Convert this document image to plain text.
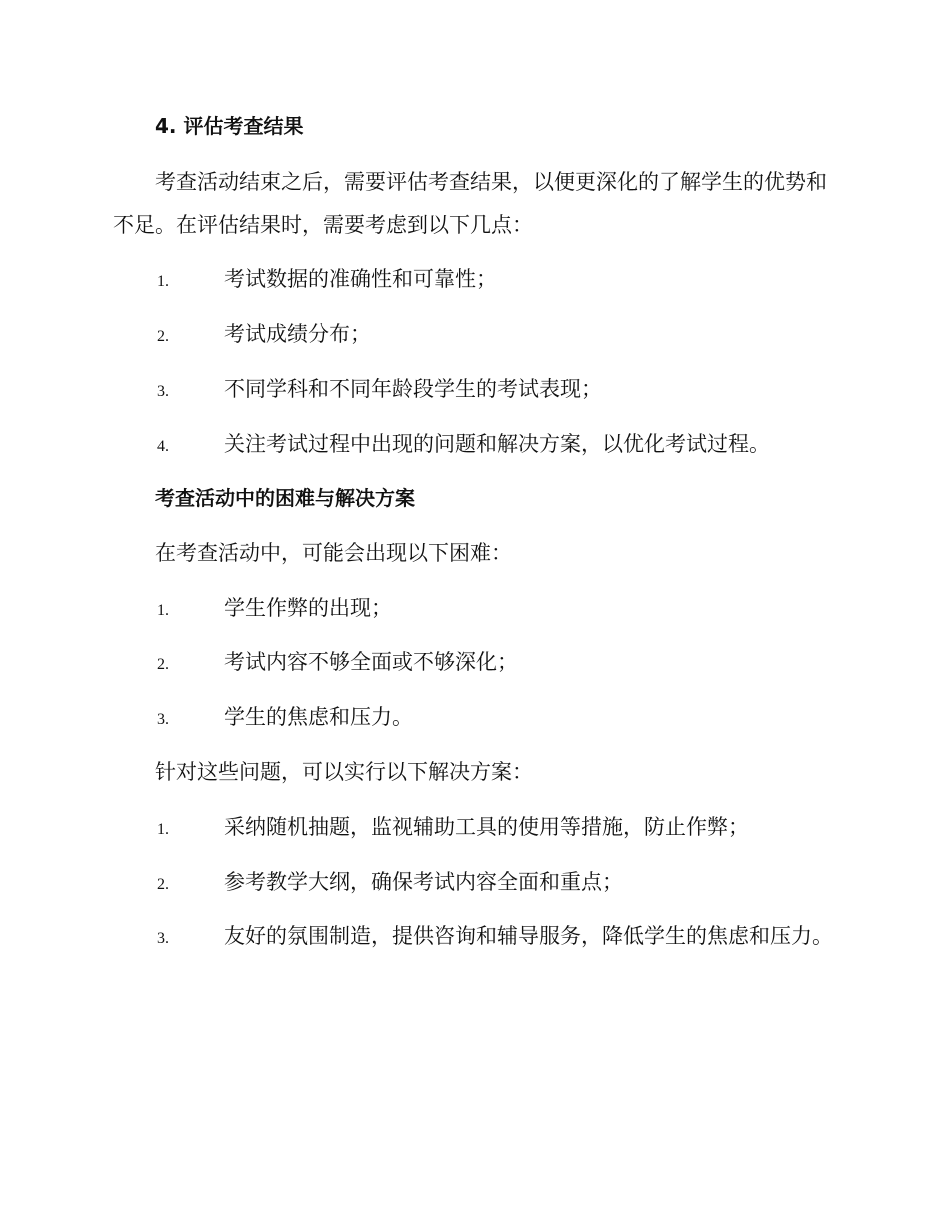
4. 评估考查结果
考查活动结束之后，需要评估考查结果，以便更深化的了解学生的优势和不足。在评估结果时，需要考虑到以下几点：
1.	考试数据的准确性和可靠性；
2.	考试成绩分布；
3.	不同学科和不同年龄段学生的考试表现；
4.	关注考试过程中出现的问题和解决方案，以优化考试过程。
考查活动中的困难与解决方案
在考查活动中，可能会出现以下困难：
1.	学生作弊的出现；
2.	考试内容不够全面或不够深化；
3.	学生的焦虑和压力。
针对这些问题，可以实行以下解决方案：
1.	采纳随机抽题，监视辅助工具的使用等措施，防止作弊；
2.	参考教学大纲，确保考试内容全面和重点；
3.	友好的氛围制造，提供咨询和辅导服务，降低学生的焦虑和压力。
